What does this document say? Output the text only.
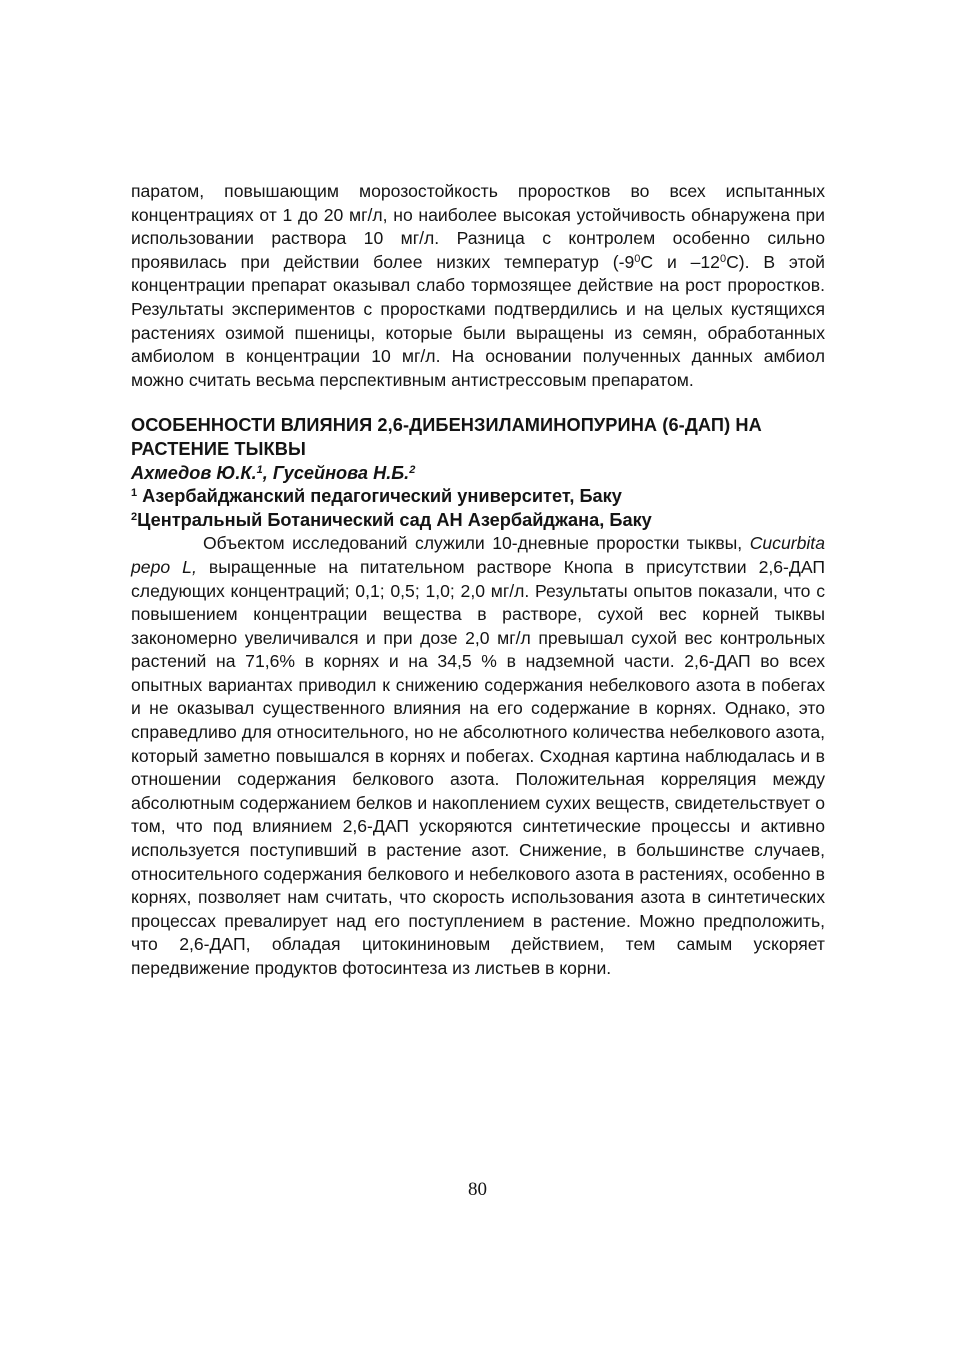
паратом, повышающим морозостойкость проростков во всех испытанных концентрациях от 1 до 20 мг/л, но наиболее высокая устойчивость обнаружена при использовании раствора 10 мг/л. Разница с контролем особенно сильно проявилась при действии более низких температур ($-9^0С$ и $-12^0С$). В этой концентрации препарат оказывал слабо тормозящее действие на рост проростков. Результаты экспериментов с проростками подтвердились и на целых кустящихся растениях озимой пшеницы, которые были выращены из семян, обработанных амбиолом в концентрации 10 мг/л. На основании полученных данных амбиол можно считать весьма перспективным антистрессовым препаратом.

ОСОБЕННОСТИ ВЛИЯНИЯ 2,6-ДИБЕНЗИЛАМИНОПУРИНА (6-ДАП) НА РАСТЕНИЕ ТЫКВЫ

Ахмедов Ю.К.$^1$, Гусейнова Н.Б.$^2$

$^1$ Азербайджанский педагогический университет, Баку

$^2$Центральный Ботанический сад АН Азербайджана, Баку

Объектом исследований служили 10-дневные проростки тыквы, Cucurbita pepo L, выращенные на питательном растворе Кнопа в присутствии 2,6-ДАП следующих концентраций; 0,1; 0,5; 1,0; 2,0 мг/л. Результаты опытов показали, что с повышением концентрации вещества в растворе, сухой вес корней тыквы закономерно увеличивался и при дозе 2,0 мг/л превышал сухой вес контрольных растений на 71,6% в корнях и на 34,5 % в надземной части. 2,6-ДАП во всех опытных вариантах приводил к снижению содержания небелкового азота в побегах и не оказывал существенного влияния на его содержание в корнях. Однако, это справедливо для относительного, но не абсолютного количества небелкового азота, который заметно повышался в корнях и побегах. Сходная картина наблюдалась и в отношении содержания белкового азота. Положительная корреляция между абсолютным содержанием белков и накоплением сухих веществ, свидетельствует о том, что под влиянием 2,6-ДАП ускоряются синтетические процессы и активно используется поступивший в растение азот. Снижение, в большинстве случаев, относительного содержания белкового и небелкового азота в растениях, особенно в корнях, позволяет нам считать, что скорость использования азота в синтетических процессах превалирует над его поступлением в растение. Можно предположить, что 2,6-ДАП, обладая цитокининовым действием, тем самым ускоряет передвижение продуктов фотосинтеза из листьев в корни.

80
